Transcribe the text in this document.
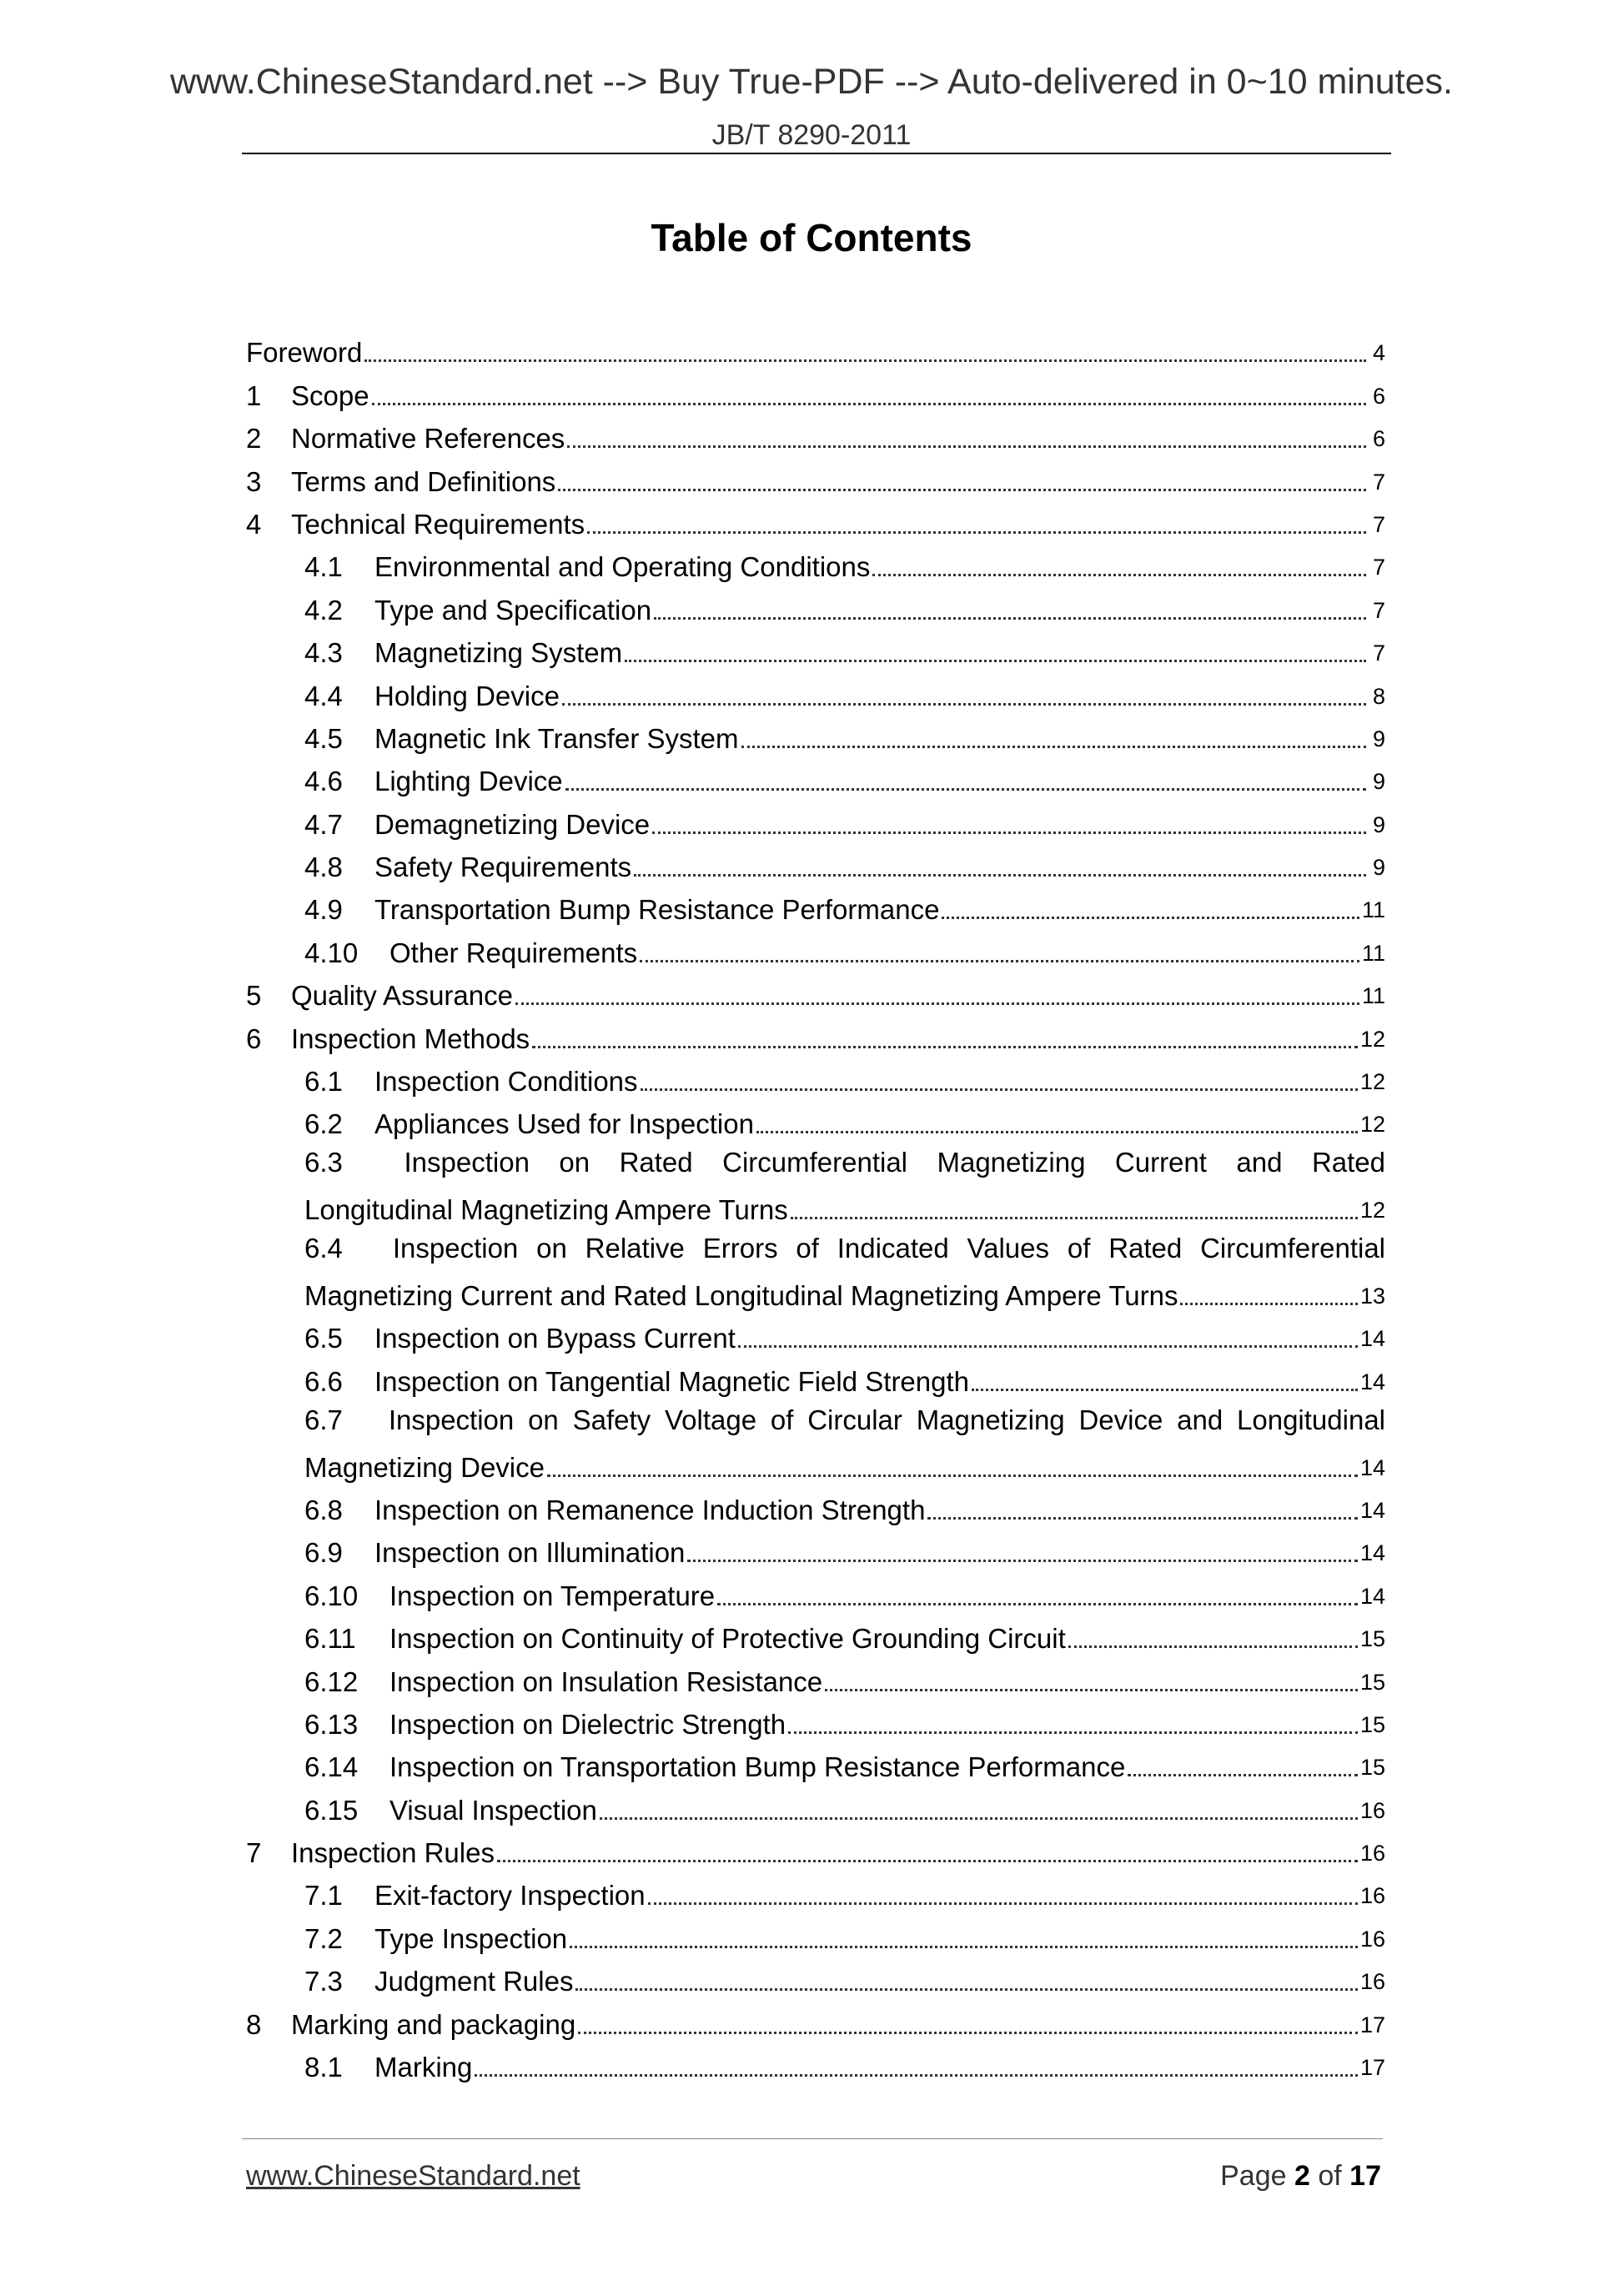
www.ChineseStandard.net --> Buy True-PDF --> Auto-delivered in 0~10 minutes.
JB/T 8290-2011
Table of Contents
Foreword	4
1	Scope	6
2	Normative References	6
3	Terms and Definitions	7
4	Technical Requirements	7
4.1	Environmental and Operating Conditions	7
4.2	Type and Specification	7
4.3	Magnetizing System	7
4.4	Holding Device	8
4.5	Magnetic Ink Transfer System	9
4.6	Lighting Device	9
4.7	Demagnetizing Device	9
4.8	Safety Requirements	9
4.9	Transportation Bump Resistance Performance	11
4.10	Other Requirements	11
5	Quality Assurance	11
6	Inspection Methods	12
6.1	Inspection Conditions	12
6.2	Appliances Used for Inspection	12
6.3 Inspection on Rated Circumferential Magnetizing Current and Rated
Longitudinal Magnetizing Ampere Turns	12
6.4 Inspection on Relative Errors of Indicated Values of Rated Circumferential
Magnetizing Current and Rated Longitudinal Magnetizing Ampere Turns	13
6.5	Inspection on Bypass Current	14
6.6	Inspection on Tangential Magnetic Field Strength	14
6.7 Inspection on Safety Voltage of Circular Magnetizing Device and Longitudinal
Magnetizing Device	14
6.8	Inspection on Remanence Induction Strength	14
6.9	Inspection on Illumination	14
6.10	Inspection on Temperature	14
6.11	Inspection on Continuity of Protective Grounding Circuit	15
6.12	Inspection on Insulation Resistance	15
6.13	Inspection on Dielectric Strength	15
6.14	Inspection on Transportation Bump Resistance Performance	15
6.15	Visual Inspection	16
7	Inspection Rules	16
7.1	Exit-factory Inspection	16
7.2	Type Inspection	16
7.3	Judgment Rules	16
8	Marking and packaging	17
8.1	Marking	17
www.ChineseStandard.net	Page 2 of 17
